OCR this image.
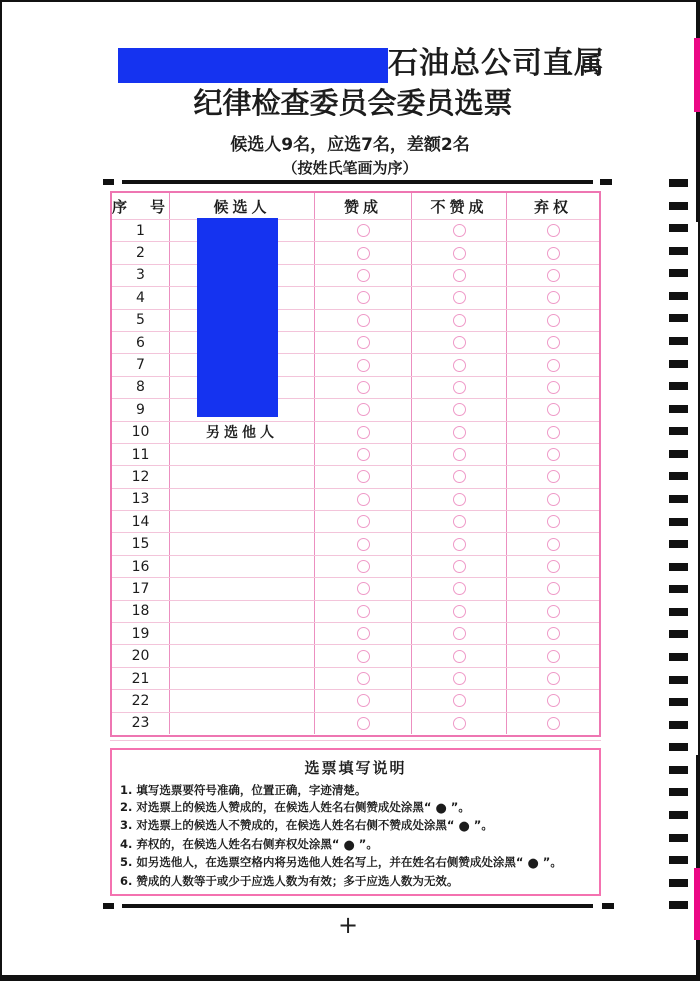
石油总公司直属
纪律检查委员会委员选票
候选人9名，应选7名，差额2名
（按姓氏笔画为序）
序　号	候选人	赞成	不赞成	弃权
1
2
3
4
5
6
7
8
9
10	另选他人
11
12
13
14
15
16
17
18
19
20
21
22
23
选票填写说明
1. 填写选票要符号准确，位置正确，字迹清楚。
2. 对选票上的候选人赞成的，在候选人姓名右侧赞成处涂黑“ ● ”。
3. 对选票上的候选人不赞成的，在候选人姓名右侧不赞成处涂黑“ ● ”。
4. 弃权的，在候选人姓名右侧弃权处涂黑“ ● ”。
5. 如另选他人，在选票空格内将另选他人姓名写上，并在姓名右侧赞成处涂黑“ ● ”。
6. 赞成的人数等于或少于应选人数为有效；多于应选人数为无效。
+
